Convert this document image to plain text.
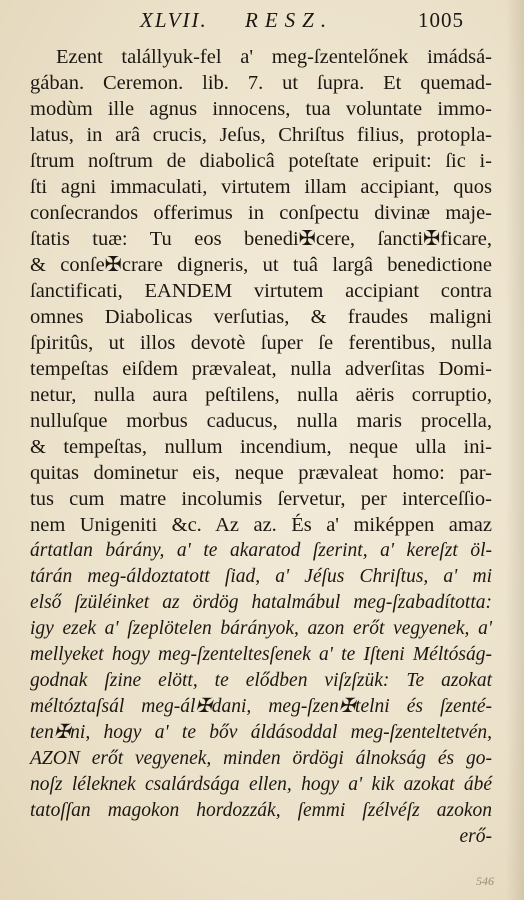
XLVII. RESZ.	1005
Ezent talállyuk-fel a' meg-ſzentelőnek imádsá-
gában. Ceremon. lib. 7. ut ſupra. Et quemad-
modùm ille agnus innocens, tua voluntate immo-
latus, in arâ crucis, Jeſus, Chriſtus filius, protopla-
ſtrum noſtrum de diabolicâ poteſtate eripuit: ſic i-
ſti agni immaculati, virtutem illam accipiant, quos
conſecrandos offerimus in conſpectu divinæ maje-
ſtatis tuæ: Tu eos benedi✠cere, ſancti✠ficare,
& conſe✠crare digneris, ut tuâ largâ benedictione
ſanctificati, EANDEM virtutem accipiant contra
omnes Diabolicas verſutias, & fraudes maligni
ſpiritûs, ut illos devotè ſuper ſe ferentibus, nulla
tempeſtas eiſdem prævaleat, nulla adverſitas Domi-
netur, nulla aura peſtilens, nulla aëris corruptio,
nulluſque morbus caducus, nulla maris procella,
& tempeſtas, nullum incendium, neque ulla ini-
quitas dominetur eis, neque prævaleat homo: par-
tus cum matre incolumis ſervetur, per interceſſio-
nem Unigeniti &c. Az az. És a' miképpen amaz
ártatlan bárány, a' te akaratod ſzerint, a' kereſzt öl-
tárán meg-áldoztatott ſiad, a' Jéſus Chriſtus, a' mi
első ſzüléinket az ördög hatalmábul meg-ſzabadította:
igy ezek a' ſzeplötelen bárányok, azon erőt vegyenek, a'
mellyeket hogy meg-ſzenteltesſenek a' te Iſteni Méltóság-
godnak ſzine elött, te elődben viſzſzük: Te azokat
méltóztaſsál meg-ál✠dani, meg-ſzen✠telni és ſzenté-
ten✠ni, hogy a' te bőv áldásoddal meg-ſzenteltetvén,
AZON erőt vegyenek, minden ördögi álnokság és go-
noſz léleknek csalárdsága ellen, hogy a' kik azokat ábé
tatoſſan magokon hordozzák, ſemmi ſzélvéſz azokon
erő-
546
